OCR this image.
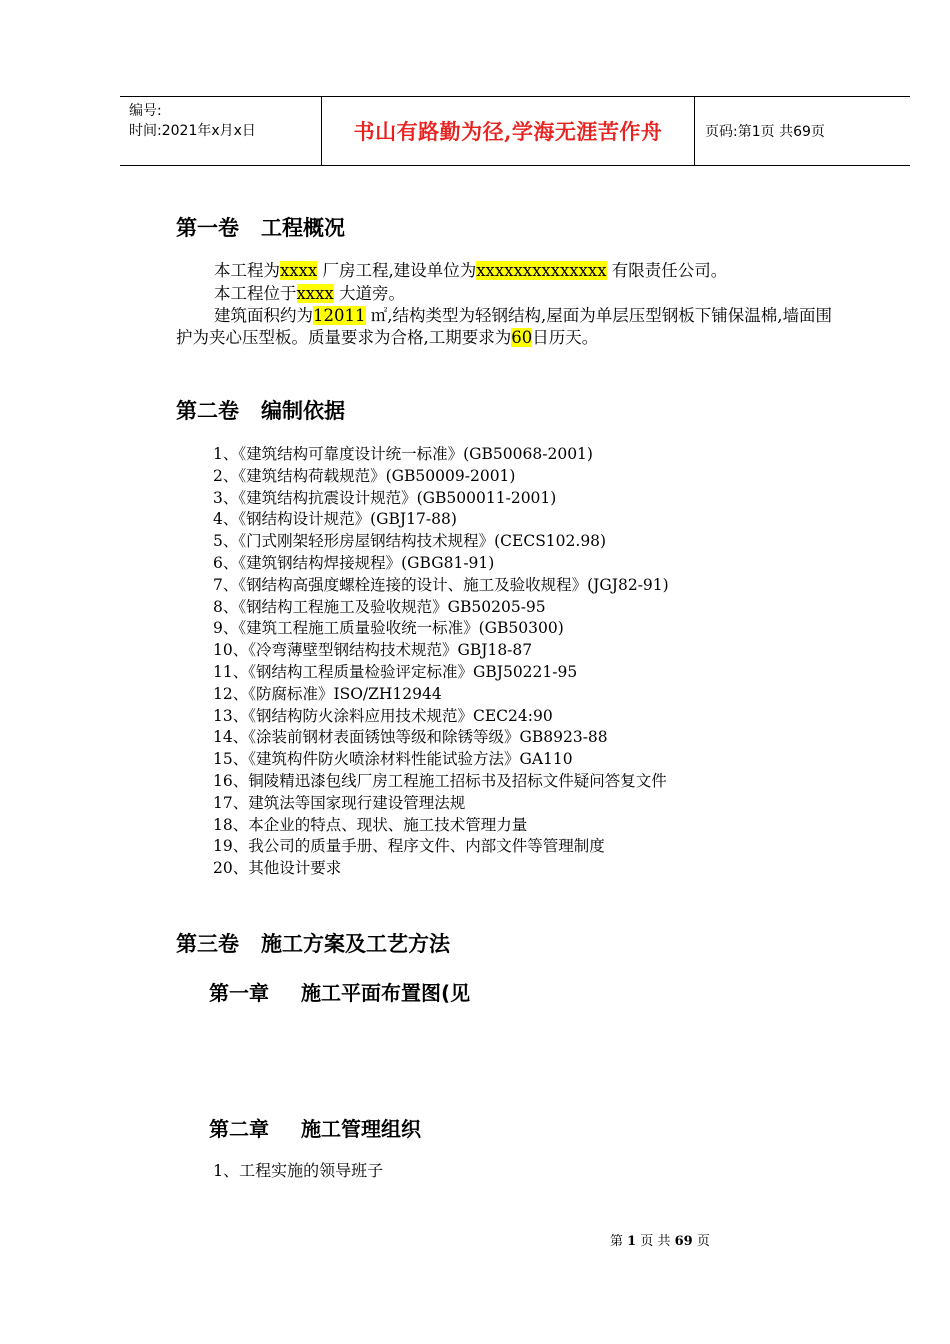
编号:
时间:2021年x月x日	书山有路勤为径,学海无涯苦作舟	页码:第1页 共69页
第一卷 工程概况
本工程为xxxx 厂房工程,建设单位为xxxxxxxxxxxxxx 有限责任公司。
本工程位于xxxx 大道旁。
建筑面积约为12011 ㎡,结构类型为轻钢结构,屋面为单层压型钢板下铺保温棉,墙面围护为夹心压型板。质量要求为合格,工期要求为60日历天。
第二卷 编制依据
1、《建筑结构可靠度设计统一标准》(GB50068-2001)
2、《建筑结构荷载规范》(GB50009-2001)
3、《建筑结构抗震设计规范》(GB500011-2001)
4、《钢结构设计规范》(GBJ17-88)
5、《门式刚架轻形房屋钢结构技术规程》(CECS102.98)
6、《建筑钢结构焊接规程》(GBG81-91)
7、《钢结构高强度螺栓连接的设计、施工及验收规程》(JGJ82-91)
8、《钢结构工程施工及验收规范》GB50205-95
9、《建筑工程施工质量验收统一标准》(GB50300)
10、《冷弯薄壁型钢结构技术规范》GBJ18-87
11、《钢结构工程质量检验评定标准》GBJ50221-95
12、《防腐标准》ISO/ZH12944
13、《钢结构防火涂料应用技术规范》CEC24:90
14、《涂装前钢材表面锈蚀等级和除锈等级》GB8923-88
15、《建筑构件防火喷涂材料性能试验方法》GA110
16、铜陵精迅漆包线厂房工程施工招标书及招标文件疑问答复文件
17、建筑法等国家现行建设管理法规
18、本企业的特点、现状、施工技术管理力量
19、我公司的质量手册、程序文件、内部文件等管理制度
20、其他设计要求
第三卷 施工方案及工艺方法
第一章 施工平面布置图(见
第二章 施工管理组织
1、工程实施的领导班子
第 1 页 共 69 页
